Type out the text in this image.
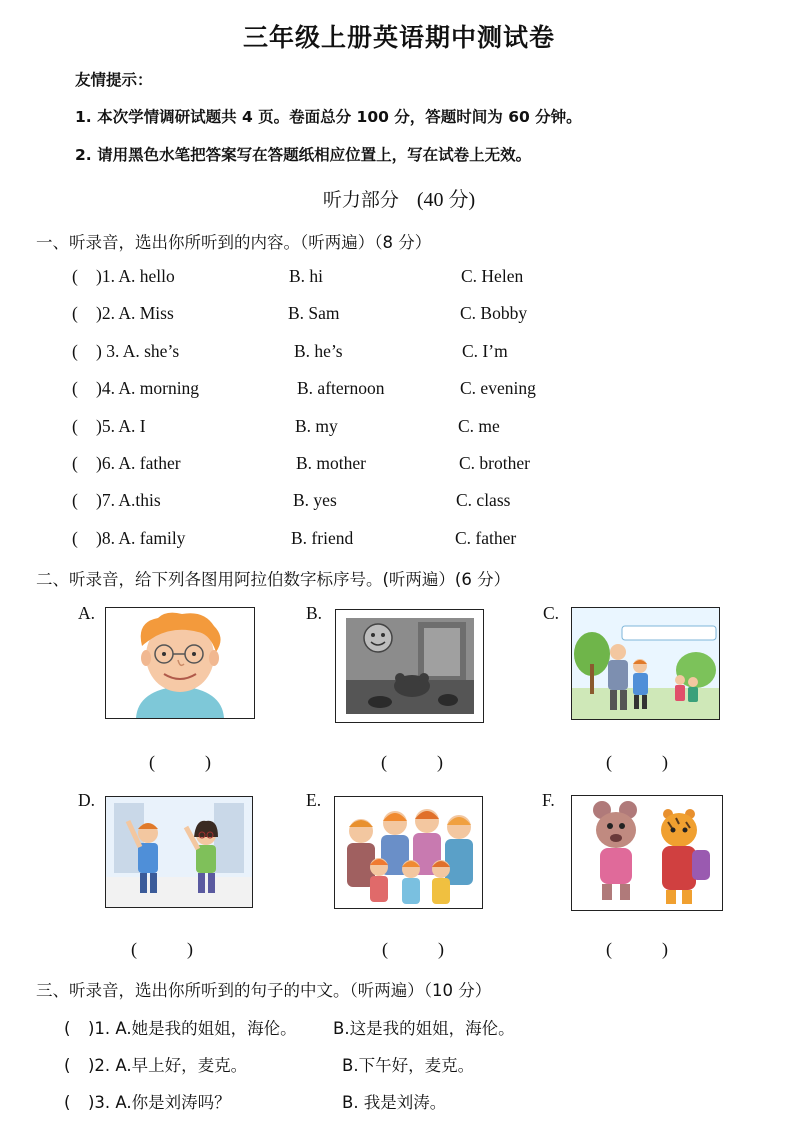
三年级上册英语期中测试卷
友情提示：
1. 本次学情调研试题共 4 页。卷面总分 100 分，答题时间为 60 分钟。
2. 请用黑色水笔把答案写在答题纸相应位置上，写在试卷上无效。
听力部分 (40 分)
一、听录音，选出你所听到的内容。（听两遍）（8 分）
( )1. A. hello	B. hi	C. Helen
( )2. A. Miss	B. Sam	C. Bobby
( ) 3. A. she’s	B. he’s	C. I’m
( )4. A. morning	B. afternoon	C. evening
( )5. A. I	B. my	C. me
( )6. A. father	B. mother	C. brother
( )7. A.this	B. yes	C. class
( )8. A. family	B. friend	C. father
二、听录音，给下列各图用阿拉伯数字标序号。(听两遍）(6 分）
A.	B.	C.
D.	E.	F.
(	)	(	)	(	)
(	)	(	)	(	)
三、听录音，选出你所听到的句子的中文。（听两遍）（10 分）
( )1. A.她是我的姐姐，海伦。 B.这是我的姐姐，海伦。
( )2. A.早上好，麦克。	B.下午好，麦克。
( )3. A.你是刘涛吗？	B. 我是刘涛。
